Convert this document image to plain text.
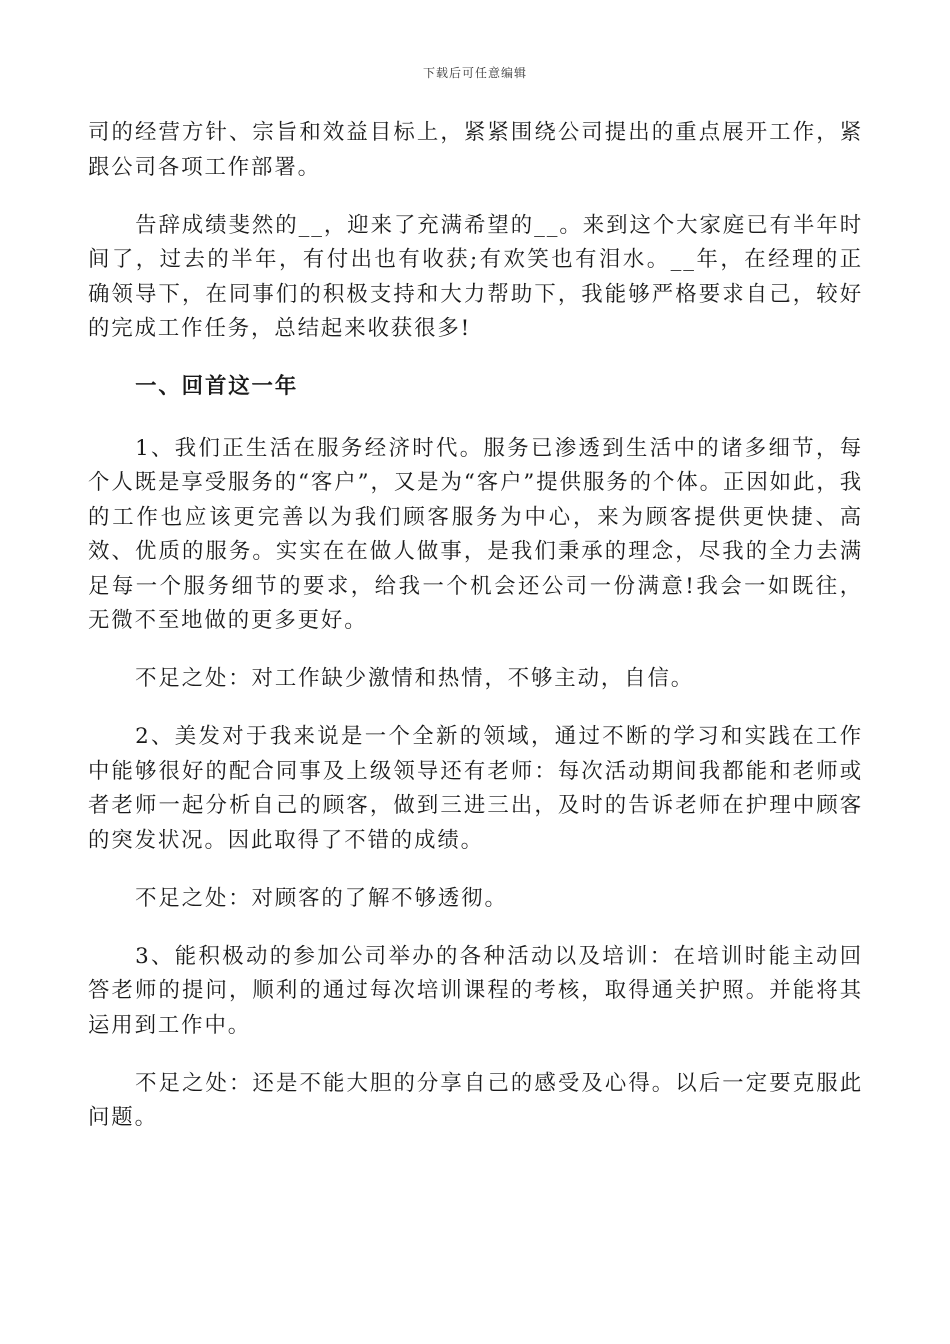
下载后可任意编辑

司的经营方针、宗旨和效益目标上，紧紧围绕公司提出的重点展开工作，紧跟公司各项工作部署。

告辞成绩斐然的__，迎来了充满希望的__。来到这个大家庭已有半年时间了，过去的半年，有付出也有收获;有欢笑也有泪水。__年，在经理的正确领导下，在同事们的积极支持和大力帮助下，我能够严格要求自己，较好的完成工作任务，总结起来收获很多!

一、回首这一年

1、我们正生活在服务经济时代。服务已渗透到生活中的诸多细节，每个人既是享受服务的“客户”，又是为“客户”提供服务的个体。正因如此，我的工作也应该更完善以为我们顾客服务为中心，来为顾客提供更快捷、高效、优质的服务。实实在在做人做事，是我们秉承的理念，尽我的全力去满足每一个服务细节的要求，给我一个机会还公司一份满意!我会一如既往，无微不至地做的更多更好。

不足之处：对工作缺少激情和热情，不够主动，自信。

2、美发对于我来说是一个全新的领域，通过不断的学习和实践在工作中能够很好的配合同事及上级领导还有老师：每次活动期间我都能和老师或者老师一起分析自己的顾客，做到三进三出，及时的告诉老师在护理中顾客的突发状况。因此取得了不错的成绩。

不足之处：对顾客的了解不够透彻。

3、能积极动的参加公司举办的各种活动以及培训：在培训时能主动回答老师的提问，顺利的通过每次培训课程的考核，取得通关护照。并能将其运用到工作中。

不足之处：还是不能大胆的分享自己的感受及心得。以后一定要克服此问题。
